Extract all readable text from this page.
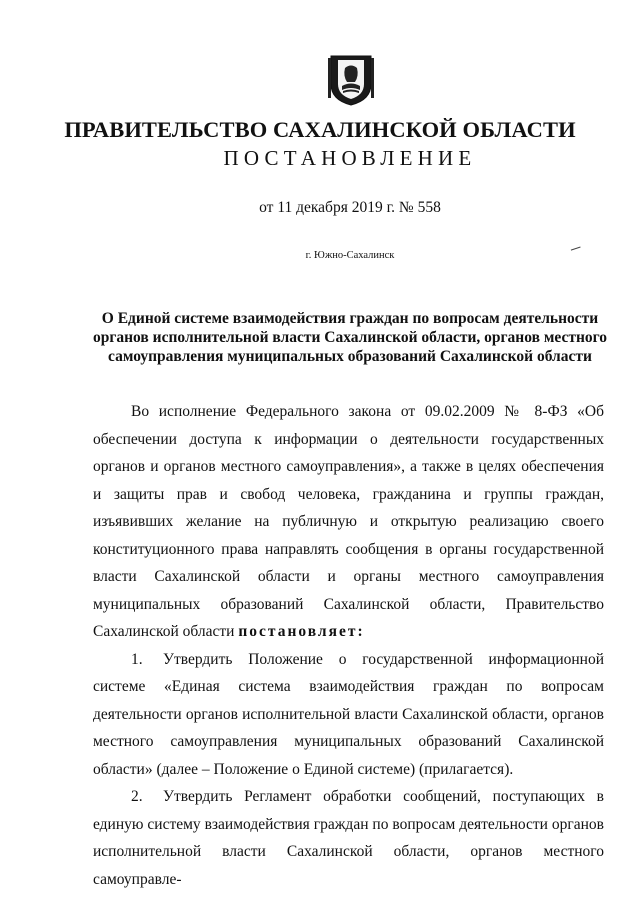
ПРАВИТЕЛЬСТВО САХАЛИНСКОЙ ОБЛАСТИ
ПОСТАНОВЛЕНИЕ
от 11 декабря 2019 г. № 558
г. Южно-Сахалинск
О Единой системе взаимодействия граждан по вопросам деятельности органов исполнительной власти Сахалинской области, органов местного самоуправления муниципальных образований Сахалинской области

Во исполнение Федерального закона от 09.02.2009 № 8-ФЗ «Об обеспечении доступа к информации о деятельности государственных органов и органов местного самоуправления», а также в целях обеспечения и защиты прав и свобод человека, гражданина и группы граждан, изъявивших желание на публичную и открытую реализацию своего конституционного права направлять сообщения в органы государственной власти Сахалинской области и органы местного самоуправления муниципальных образований Сахалинской области, Правительство Сахалинской области постановляет:

1. Утвердить Положение о государственной информационной системе «Единая система взаимодействия граждан по вопросам деятельности органов исполнительной власти Сахалинской области, органов местного самоуправления муниципальных образований Сахалинской области» (далее – Положение о Единой системе) (прилагается).

2. Утвердить Регламент обработки сообщений, поступающих в единую систему взаимодействия граждан по вопросам деятельности органов исполнительной власти Сахалинской области, органов местного самоуправле-
